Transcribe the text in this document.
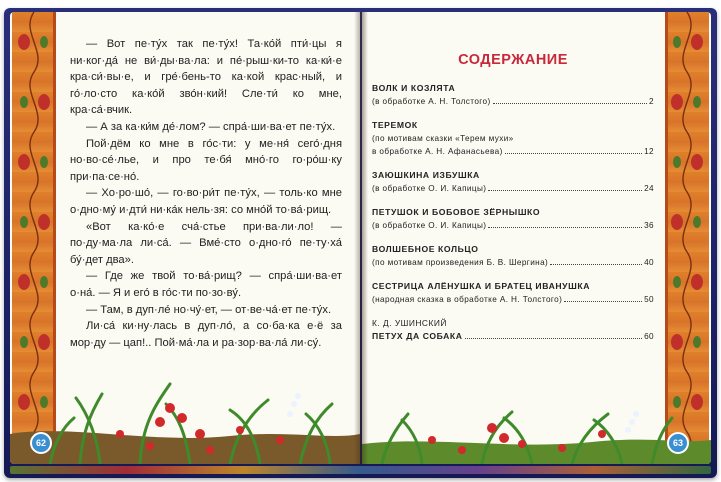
— Вот пе·ту́х так пе·ту́х! Та·ко́й пти́·цы я ни·ког·да́ не ви́·ды·ва·ла: и пе́·рыш·ки-то ка·ки́·е кра·си́·вы·е, и гре́·бень-то ка·кой крас·ный, и го́·ло·сто ка·ко́й зво́н·кий! Сле·ти́ ко мне, кра·са́·вчик.

— А за ка·ки́м де́·лом? — спра́·ши·ва·ет пе·ту́х.

Пой·дём ко мне в го́с·ти: у ме·ня́ сего́·дня но·во·се́·лье, и про те·бя́ мно́·го го·ро́ш·ку при·па·се·но́.

— Хо·ро·шо́, — го·во·ри́т пе·ту́х, — толь·ко мне о·дно·му́ и·дти́ ни·ка́к нель·зя: со мно́й то·ва́·рищ.

«Вот ка·ко́·е сча́·стье при·ва·ли·ло! — по·ду·ма·ла ли·са́. — Вме́·сто о·дно·го́ пе·ту·ха́ бу́·дет два».

— Где же твой то·ва́·рищ? — спра́·ши·ва·ет о·на́. — Я и его́ в го́с·ти по·зо·ву́.

— Там, в дуп·ле́ но·чу́·ет, — от·ве·ча́·ет пе·ту́х.

Ли·са́ ки·ну·лась в дуп·ло́, а со·ба·ка е·ё за мор·ду — цап!.. Пой·ма́·ла и ра·зор·ва·ла́ ли·су́.

62
СОДЕРЖАНИЕ
ВОЛК И КОЗЛЯТА
(в обработке А. Н. Толстого)	2
ТЕРЕМОК
(по мотивам сказки «Терем мухи»
в обработке А. Н. Афанасьева)	12
ЗАЮШКИНА ИЗБУШКА
(в обработке О. И. Капицы)	24
ПЕТУШОК И БОБОВОЕ ЗЁРНЫШКО
(в обработке О. И. Капицы)	36
ВОЛШЕБНОЕ КОЛЬЦО
(по мотивам произведения Б. В. Шергина)	40
СЕСТРИЦА АЛЁНУШКА И БРАТЕЦ ИВАНУШКА
(народная сказка в обработке А. Н. Толстого)	50
К. Д. УШИНСКИЙ
ПЕТУХ ДА СОБАКА	60
63
